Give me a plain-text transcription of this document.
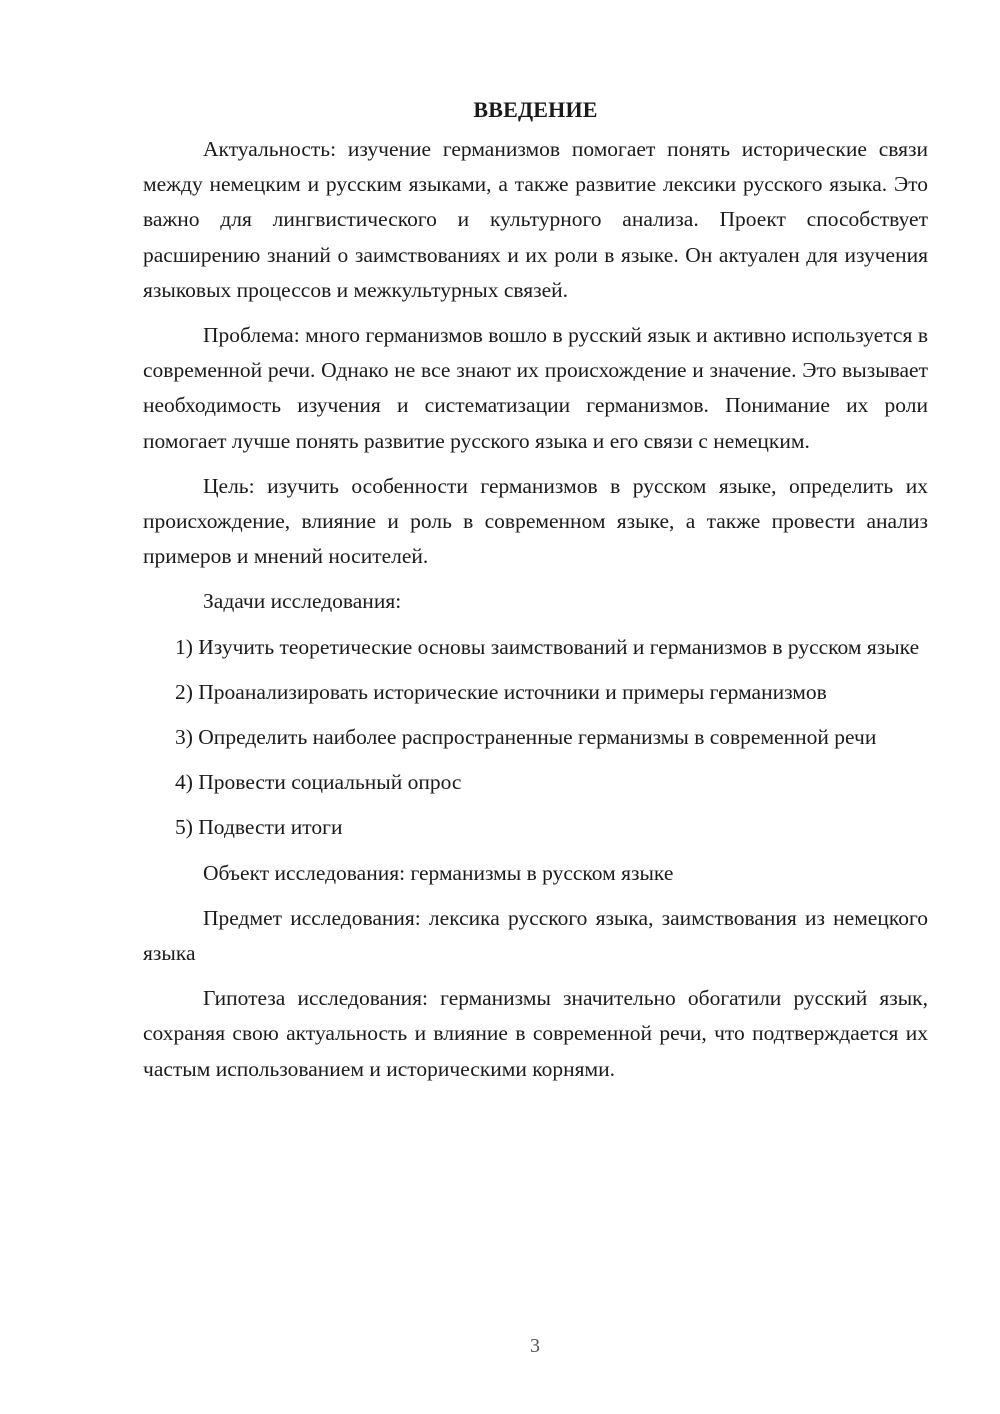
ВВЕДЕНИЕ

Актуальность: изучение германизмов помогает понять исторические связи между немецким и русским языками, а также развитие лексики русского языка. Это важно для лингвистического и культурного анализа. Проект способствует расширению знаний о заимствованиях и их роли в языке. Он актуален для изучения языковых процессов и межкультурных связей.

Проблема: много германизмов вошло в русский язык и активно используется в современной речи. Однако не все знают их происхождение и значение. Это вызывает необходимость изучения и систематизации германизмов. Понимание их роли помогает лучше понять развитие русского языка и его связи с немецким.

Цель: изучить особенности германизмов в русском языке, определить их происхождение, влияние и роль в современном языке, а также провести анализ примеров и мнений носителей.

Задачи исследования:

1) Изучить теоретические основы заимствований и германизмов в русском языке

2) Проанализировать исторические источники и примеры германизмов

3) Определить наиболее распространенные германизмы в современной речи

4) Провести социальный опрос

5) Подвести итоги

Объект исследования: германизмы в русском языке

Предмет исследования: лексика русского языка, заимствования из немецкого языка

Гипотеза исследования: германизмы значительно обогатили русский язык, сохраняя свою актуальность и влияние в современной речи, что подтверждается их частым использованием и историческими корнями.

3
